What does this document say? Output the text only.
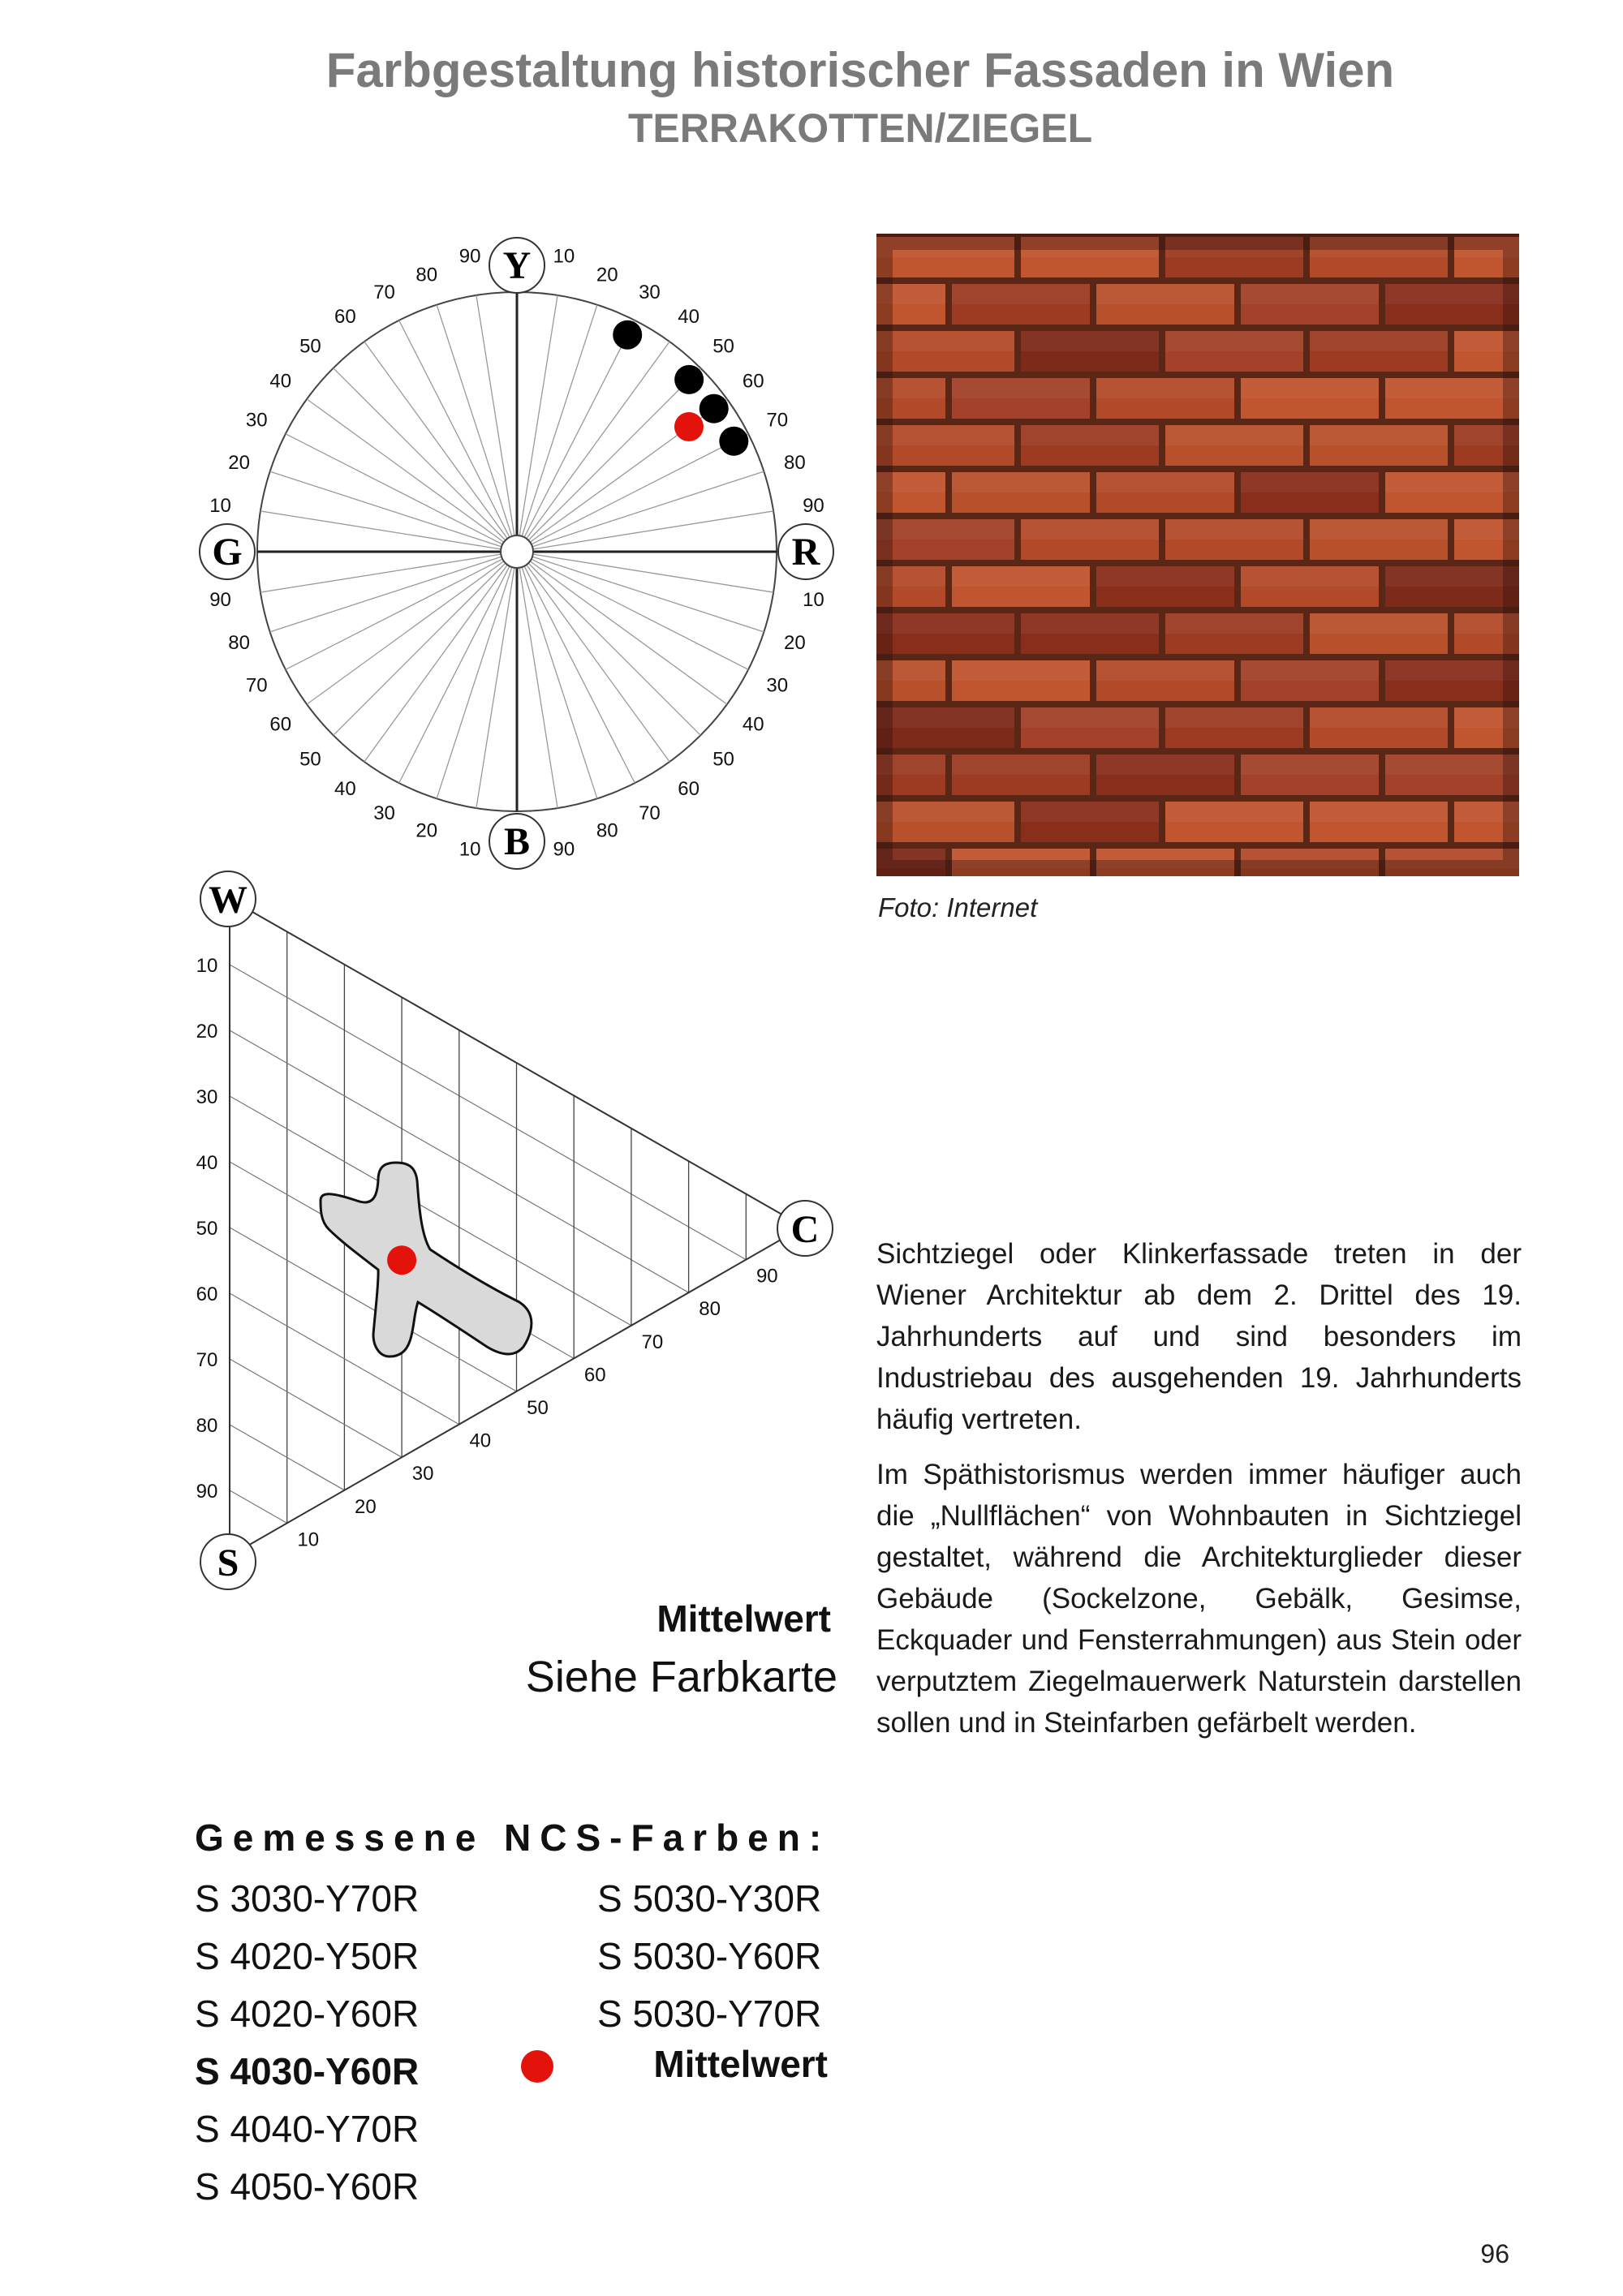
Farbgestaltung historischer Fassaden in Wien
TERRAKOTTEN/ZIEGEL
10
20
30
40
50
60
70
80
90
10
20
30
40
50
60
70
80
90
10
20
30
40
50
60
70
80
90
10
20
30
40
50
60
70
80
90 Y
R
B
G
10
10
20
20
30
30
40
40
50
50
60
60
70
70
80
80
90
90
W
C
S
Foto: Internet

Sichtziegel oder Klinkerfassade treten in der Wiener Architektur ab dem 2. Drittel des 19. Jahrhunderts auf und sind besonders im Industriebau des ausgehenden 19. Jahrhunderts häufig vertreten.

Im Späthistorismus werden immer häufiger auch die „Nullflächen“ von Wohnbauten in Sichtziegel gestaltet, während die Architekturglieder dieser Gebäude (Sockelzone, Gebälk, Gesimse, Eckquader und Fensterrahmungen) aus Stein oder verputztem Ziegelmauerwerk Naturstein darstellen sollen und in Steinfarben gefärbelt werden.

Mittelwert
Siehe Farbkarte
Gemessene NCS-Farben:
S 3030-Y70R
S 4020-Y50R
S 4020-Y60R
S 4030-Y60R
S 4040-Y70R
S 4050-Y60R
S 5030-Y30R
S 5030-Y60R
S 5030-Y70R
Mittelwert
96
